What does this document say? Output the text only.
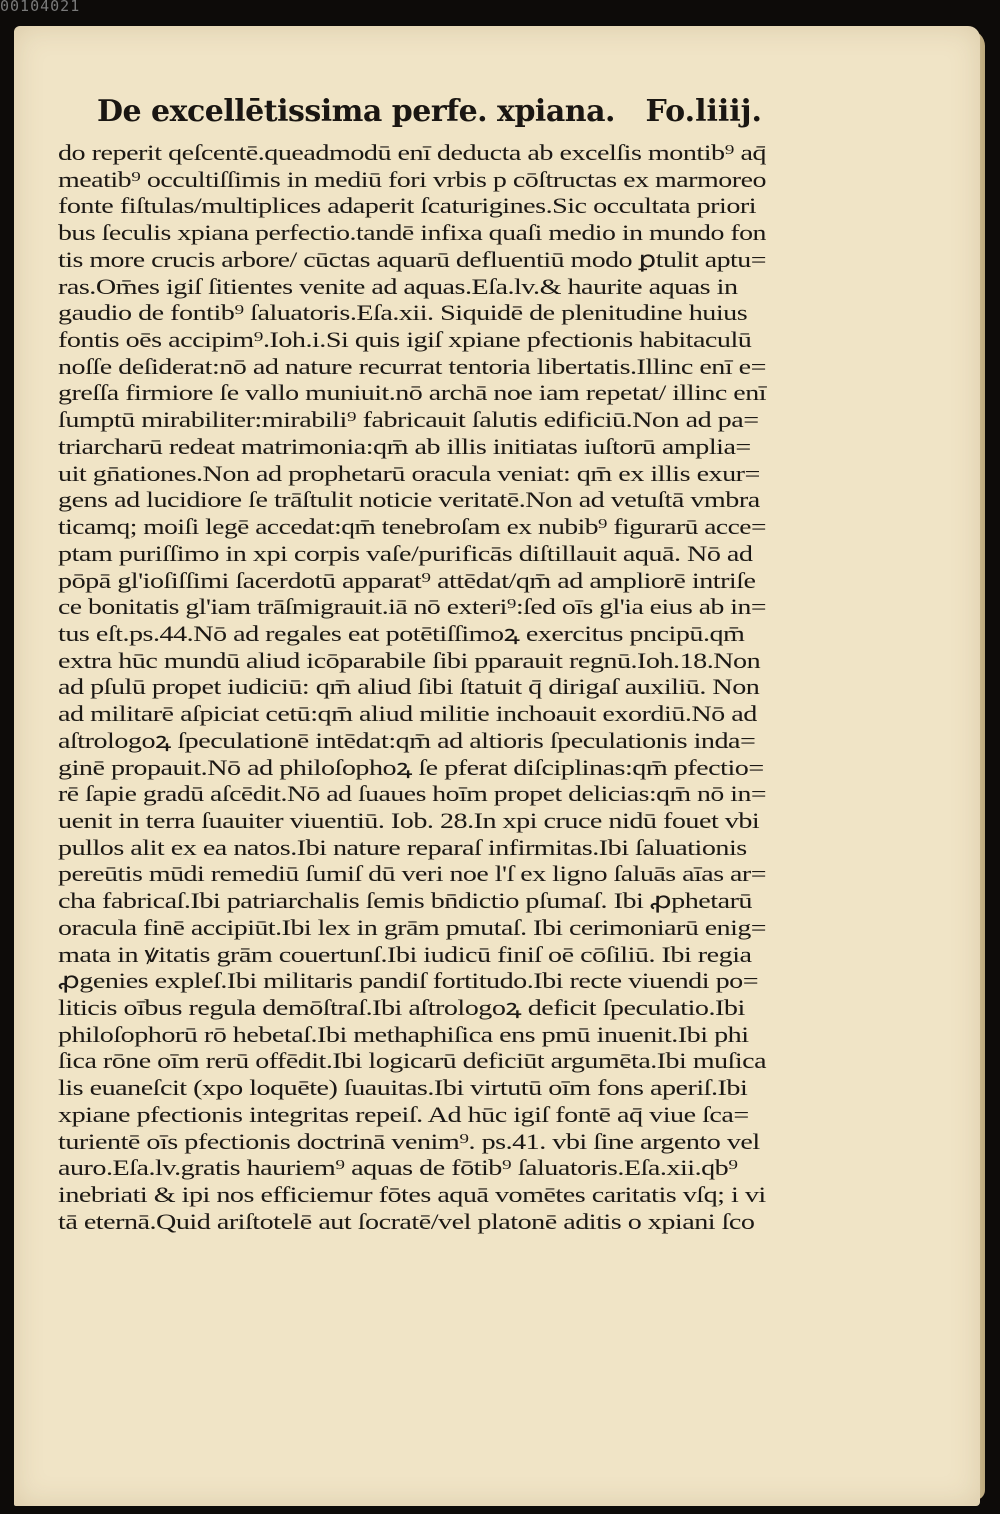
00104021
De excellētissima perfe. xpiana. Fo.liiij.
do reperit qeſcentē.queadmodū enī deducta ab excelſis montib⁹ aq̄
meatib⁹ occultiſſimis in mediū fori vrbis p cōſtructas ex marmoreo
fonte fiſtulas/multiplices adaperit ſcaturigines.Sic occultata priori
bus ſeculis xpiana perfectio.tandē infixa quaſi medio in mundo fon
tis more crucis arbore/ cūctas aquarū defluentiū modo ꝑtulit aptu=
ras.Om̄es igiſ ſitientes venite ad aquas.Eſa.lv.& haurite aquas in
gaudio de fontib⁹ ſaluatoris.Eſa.xii. Siquidē de plenitudine huius
fontis oēs accipim⁹.Ioh.i.Si quis igiſ xpiane pfectionis habitaculū
noſſe deſiderat:nō ad nature recurrat tentoria libertatis.Illinc enī e=
greſſa firmiore ſe vallo muniuit.nō archā noe iam repetat/ illinc enī
ſumptū mirabiliter:mirabili⁹ fabricauit ſalutis edificiū.Non ad pa=
triarcharū redeat matrimonia:qm̄ ab illis initiatas iuſtorū amplia=
uit gn̄ationes.Non ad prophetarū oracula veniat: qm̄ ex illis exur=
gens ad lucidiore ſe trāſtulit noticie veritatē.Non ad vetuſtā vmbra
ticamq; moiſi legē accedat:qm̄ tenebroſam ex nubib⁹ figurarū acce=
ptam puriſſimo in xpi corpis vaſe/purificās diſtillauit aquā. Nō ad
pōpā gl'ioſiſſimi ſacerdotū apparat⁹ attēdat/qm̄ ad ampliorē intriſe
ce bonitatis gl'iam trāſmigrauit.iā nō exteri⁹:ſed oīs gl'ia eius ab in=
tus eſt.ps.44.Nō ad regales eat potētiſſimoꝝ exercitus pncipū.qm̄
extra hūc mundū aliud icōparabile ſibi pparauit regnū.Ioh.18.Non
ad pſulū propet iudiciū: qm̄ aliud ſibi ſtatuit q̄ dirigaſ auxiliū. Non
ad militarē aſpiciat cetū:qm̄ aliud militie inchoauit exordiū.Nō ad
aſtrologoꝝ ſpeculationē intēdat:qm̄ ad altioris ſpeculationis inda=
ginē propauit.Nō ad philoſophoꝝ ſe pferat diſciplinas:qm̄ pfectio=
rē ſapie gradū aſcēdit.Nō ad ſuaues hoīm propet delicias:qm̄ nō in=
uenit in terra ſuauiter viuentiū. Iob. 28.In xpi cruce nidū fouet vbi
pullos alit ex ea natos.Ibi nature reparaſ infirmitas.Ibi ſaluationis
pereūtis mūdi remediū ſumiſ dū veri noe l'ſ ex ligno ſaluās aīas ar=
cha fabricaſ.Ibi patriarchalis ſemis bn̄dictio pſumaſ. Ibi ꝓphetarū
oracula finē accipiūt.Ibi lex in grām pmutaſ. Ibi cerimoniarū enig=
mata in ꝟitatis grām couertunſ.Ibi iudicū finiſ oē cōſiliū. Ibi regia
ꝓgenies expleſ.Ibi militaris pandiſ fortitudo.Ibi recte viuendi po=
liticis oībus regula demōſtraſ.Ibi aſtrologoꝝ deficit ſpeculatio.Ibi
philoſophorū rō hebetaſ.Ibi methaphiſica ens pmū inuenit.Ibi phi
ſica rōne oīm rerū offēdit.Ibi logicarū deficiūt argumēta.Ibi muſica
lis euaneſcit (xpo loquēte) ſuauitas.Ibi virtutū oīm fons aperiſ.Ibi
xpiane pfectionis integritas repeiſ. Ad hūc igiſ fontē aq̄ viue ſca=
turientē oīs pfectionis doctrinā venim⁹. ps.41. vbi ſine argento vel
auro.Eſa.lv.gratis hauriem⁹ aquas de fōtib⁹ ſaluatoris.Eſa.xii.qb⁹
inebriati & ipi nos efficiemur fōtes aquā vomētes caritatis vſq; i vi
tā eternā.Quid ariſtotelē aut ſocratē/vel platonē aditis o xpiani ſco
